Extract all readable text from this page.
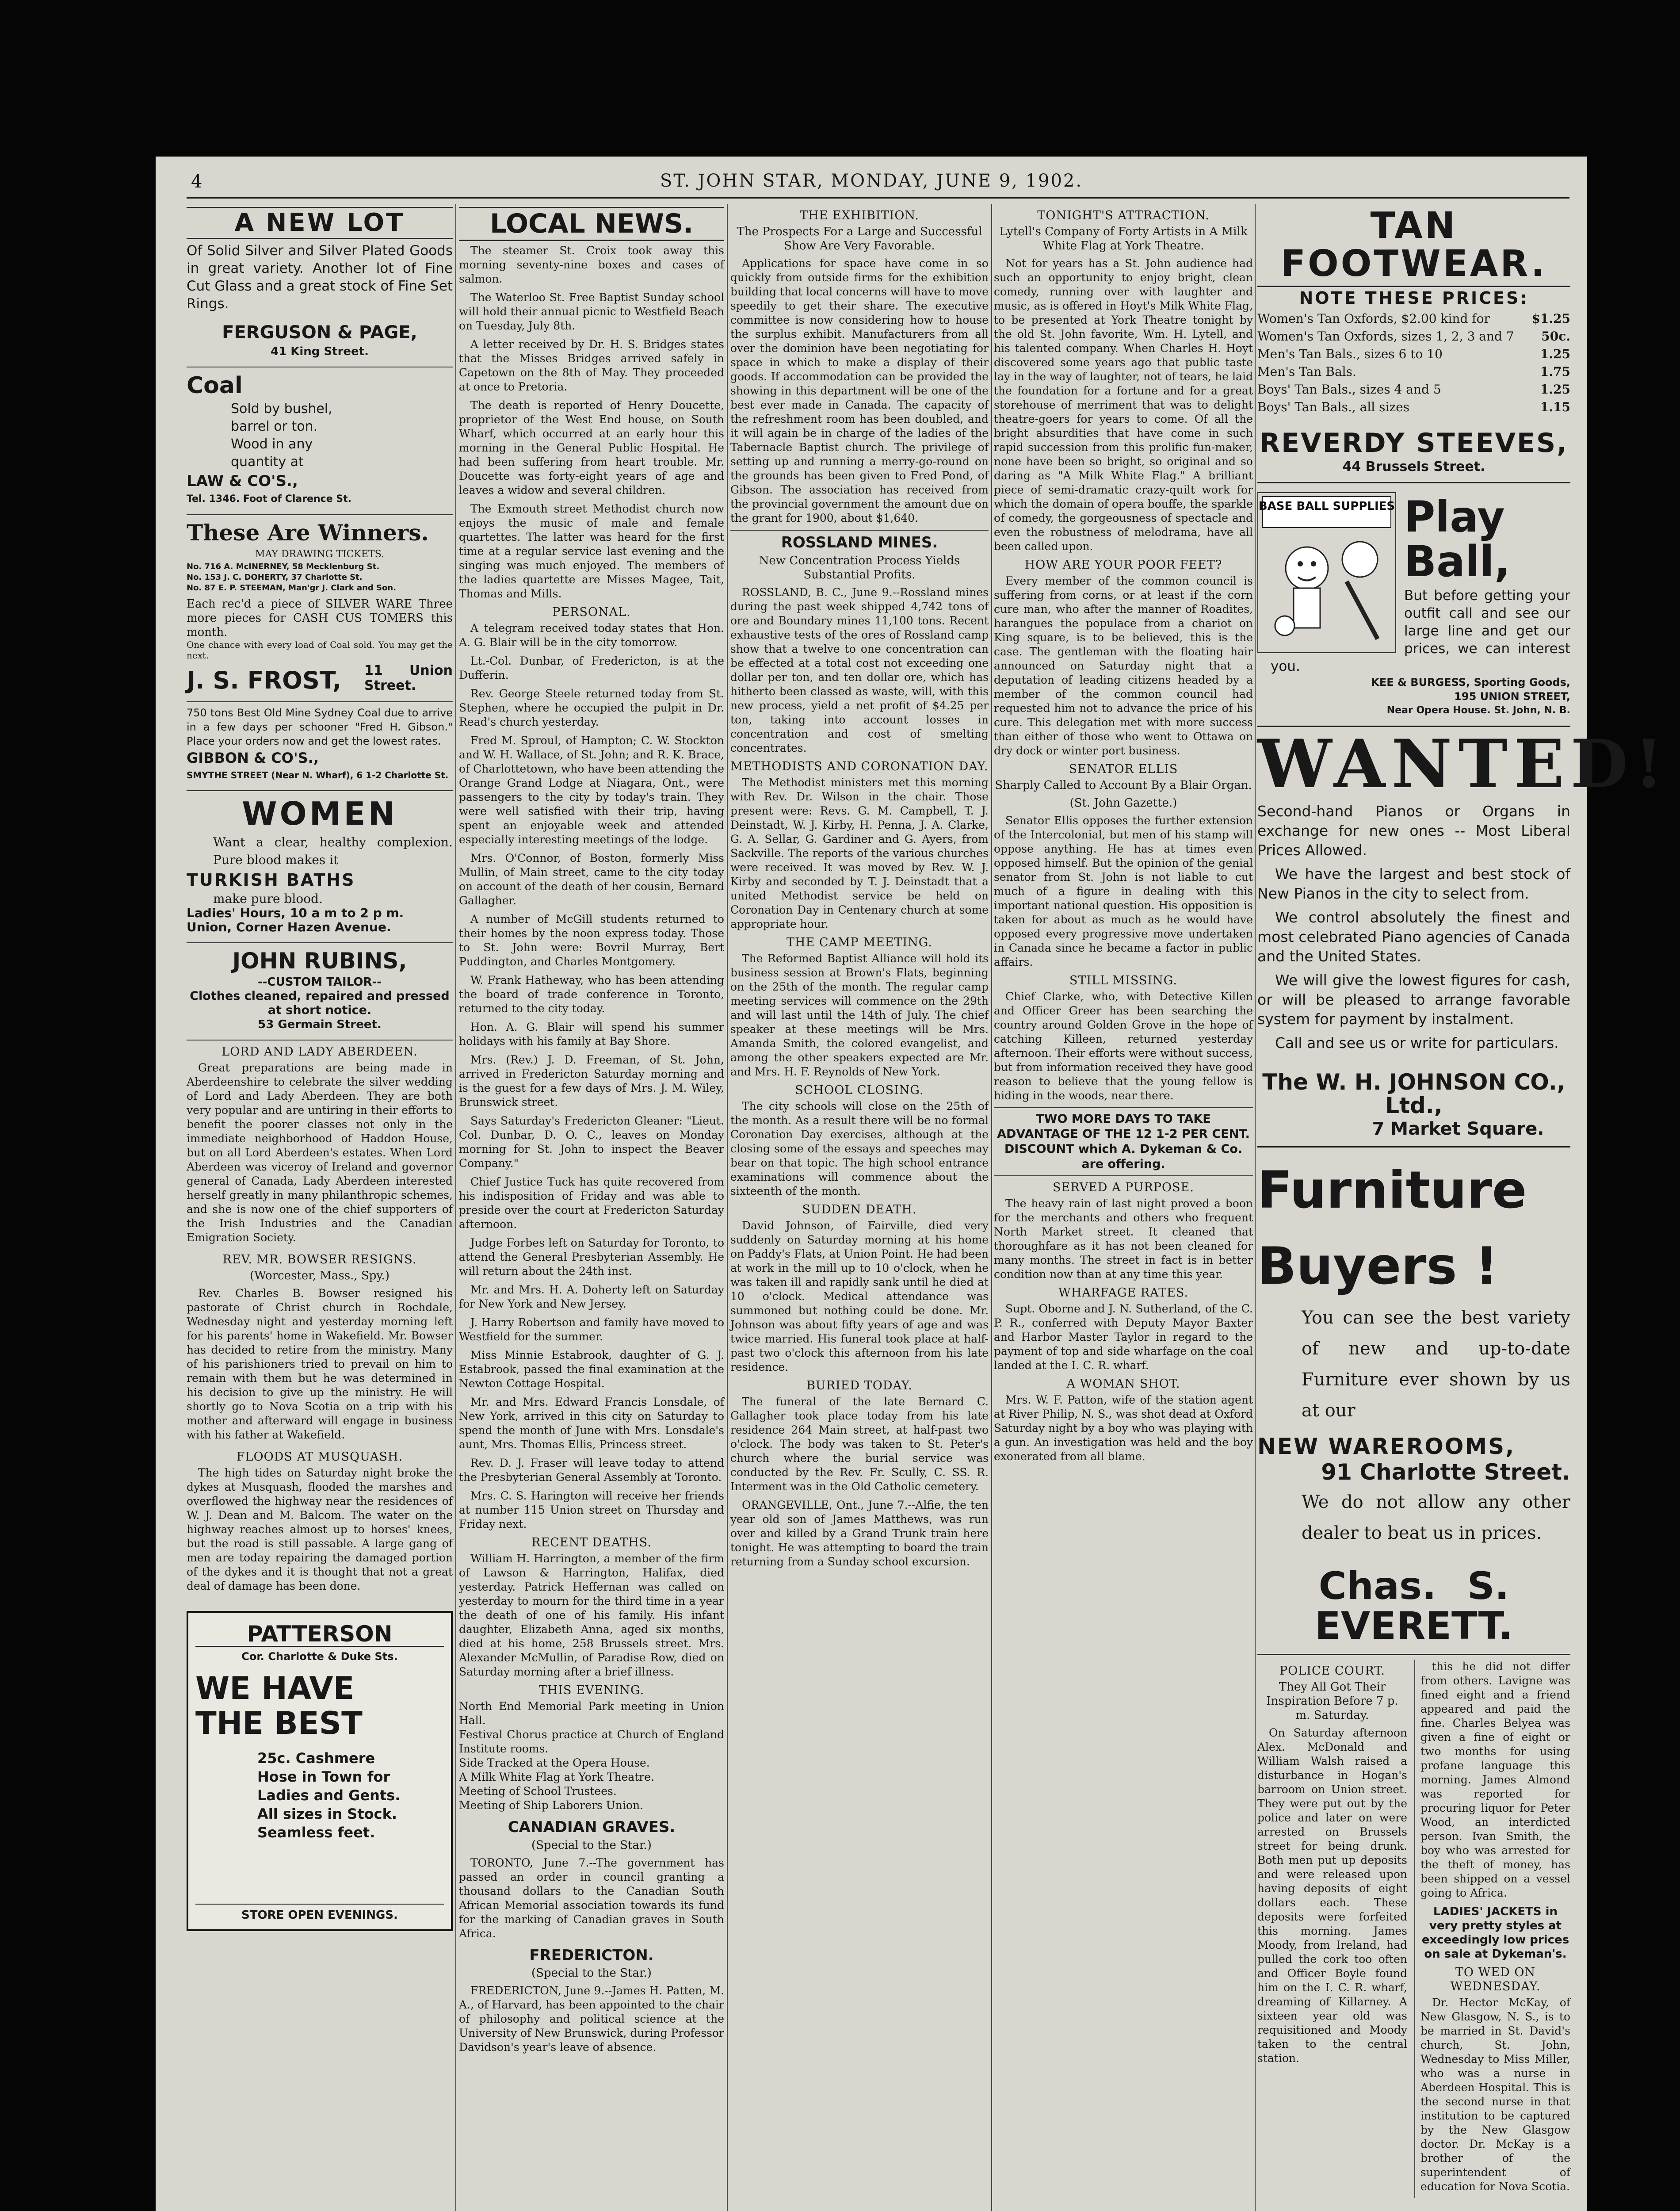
4	ST. JOHN STAR, MONDAY, JUNE 9, 1902.
A NEW LOT
Of Solid Silver and Silver Plated Goods in great variety. Another lot of Fine Cut Glass and a great stock of Fine Set Rings.
FERGUSON & PAGE,
41 King Street.
Coal
Sold by bushel,
barrel or ton.
Wood in any
quantity at
LAW & CO'S.,
Tel. 1346. Foot of Clarence St.
These Are Winners.
MAY DRAWING TICKETS.
No. 716 A. McINERNEY, 58 Mecklenburg St.
No. 153 J. C. DOHERTY, 37 Charlotte St.
No. 87 E. P. STEEMAN, Man'gr J. Clark and Son.
Each rec'd a piece of SILVER WARE Three more pieces for CASH CUS TOMERS this month.
One chance with every load of Coal sold. You may get the next.
J. S. FROST, 11 Union Street.
750 tons Best Old Mine Sydney Coal due to arrive in a few days per schooner "Fred H. Gibson." Place your orders now and get the lowest rates.
GIBBON & CO'S.,
SMYTHE STREET (Near N. Wharf), 6 1-2 Charlotte St.
WOMEN
Want a clear, healthy complexion. Pure blood makes it
TURKISH BATHS
make pure blood.
Ladies' Hours, 10 a m to 2 p m.
Union, Corner Hazen Avenue.
JOHN RUBINS,
--CUSTOM TAILOR--
Clothes cleaned, repaired and pressed at short notice.
53 Germain Street.
LORD AND LADY ABERDEEN.
Great preparations are being made in Aberdeenshire to celebrate the silver wedding of Lord and Lady Aberdeen. They are both very popular and are untiring in their efforts to benefit the poorer classes not only in the immediate neighborhood of Haddon House, but on all Lord Aberdeen's estates. When Lord Aberdeen was viceroy of Ireland and governor general of Canada, Lady Aberdeen interested herself greatly in many philanthropic schemes, and she is now one of the chief supporters of the Irish Industries and the Canadian Emigration Society.
REV. MR. BOWSER RESIGNS.
(Worcester, Mass., Spy.)
Rev. Charles B. Bowser resigned his pastorate of Christ church in Rochdale, Wednesday night and yesterday morning left for his parents' home in Wakefield. Mr. Bowser has decided to retire from the ministry. Many of his parishioners tried to prevail on him to remain with them but he was determined in his decision to give up the ministry. He will shortly go to Nova Scotia on a trip with his mother and afterward will engage in business with his father at Wakefield.
FLOODS AT MUSQUASH.
The high tides on Saturday night broke the dykes at Musquash, flooded the marshes and overflowed the highway near the residences of W. J. Dean and M. Balcom. The water on the highway reaches almost up to horses' knees, but the road is still passable. A large gang of men are today repairing the damaged portion of the dykes and it is thought that not a great deal of damage has been done.
PATTERSON
Cor. Charlotte & Duke Sts.
WE HAVE
THE BEST
25c. Cashmere
Hose in Town for
Ladies and Gents.
All sizes in Stock.
Seamless feet.
STORE OPEN EVENINGS.
LOCAL NEWS.
The steamer St. Croix took away this morning seventy-nine boxes and cases of salmon.
The Waterloo St. Free Baptist Sunday school will hold their annual picnic to Westfield Beach on Tuesday, July 8th.
A letter received by Dr. H. S. Bridges states that the Misses Bridges arrived safely in Capetown on the 8th of May. They proceeded at once to Pretoria.
The death is reported of Henry Doucette, proprietor of the West End house, on South Wharf, which occurred at an early hour this morning in the General Public Hospital. He had been suffering from heart trouble. Mr. Doucette was forty-eight years of age and leaves a widow and several children.
The Exmouth street Methodist church now enjoys the music of male and female quartettes. The latter was heard for the first time at a regular service last evening and the singing was much enjoyed. The members of the ladies quartette are Misses Magee, Tait, Thomas and Mills.
PERSONAL.
A telegram received today states that Hon. A. G. Blair will be in the city tomorrow.
Lt.-Col. Dunbar, of Fredericton, is at the Dufferin.
Rev. George Steele returned today from St. Stephen, where he occupied the pulpit in Dr. Read's church yesterday.
Fred M. Sproul, of Hampton; C. W. Stockton and W. H. Wallace, of St. John; and R. K. Brace, of Charlottetown, who have been attending the Orange Grand Lodge at Niagara, Ont., were passengers to the city by today's train. They were well satisfied with their trip, having spent an enjoyable week and attended especially interesting meetings of the lodge.
Mrs. O'Connor, of Boston, formerly Miss Mullin, of Main street, came to the city today on account of the death of her cousin, Bernard Gallagher.
A number of McGill students returned to their homes by the noon express today. Those to St. John were: Bovril Murray, Bert Puddington, and Charles Montgomery.
W. Frank Hatheway, who has been attending the board of trade conference in Toronto, returned to the city today.
Hon. A. G. Blair will spend his summer holidays with his family at Bay Shore.
Mrs. (Rev.) J. D. Freeman, of St. John, arrived in Fredericton Saturday morning and is the guest for a few days of Mrs. J. M. Wiley, Brunswick street.
Says Saturday's Fredericton Gleaner: "Lieut. Col. Dunbar, D. O. C., leaves on Monday morning for St. John to inspect the Beaver Company."
Chief Justice Tuck has quite recovered from his indisposition of Friday and was able to preside over the court at Fredericton Saturday afternoon.
Judge Forbes left on Saturday for Toronto, to attend the General Presbyterian Assembly. He will return about the 24th inst.
Mr. and Mrs. H. A. Doherty left on Saturday for New York and New Jersey.
J. Harry Robertson and family have moved to Westfield for the summer.
Miss Minnie Estabrook, daughter of G. J. Estabrook, passed the final examination at the Newton Cottage Hospital.
Mr. and Mrs. Edward Francis Lonsdale, of New York, arrived in this city on Saturday to spend the month of June with Mrs. Lonsdale's aunt, Mrs. Thomas Ellis, Princess street.
Rev. D. J. Fraser will leave today to attend the Presbyterian General Assembly at Toronto.
Mrs. C. S. Harington will receive her friends at number 115 Union street on Thursday and Friday next.
RECENT DEATHS.
William H. Harrington, a member of the firm of Lawson & Harrington, Halifax, died yesterday. Patrick Heffernan was called on yesterday to mourn for the third time in a year the death of one of his family. His infant daughter, Elizabeth Anna, aged six months, died at his home, 258 Brussels street. Mrs. Alexander McMullin, of Paradise Row, died on Saturday morning after a brief illness.
THIS EVENING.
North End Memorial Park meeting in Union Hall.
Festival Chorus practice at Church of England Institute rooms.
Side Tracked at the Opera House.
A Milk White Flag at York Theatre.
Meeting of School Trustees.
Meeting of Ship Laborers Union.
CANADIAN GRAVES.
(Special to the Star.)
TORONTO, June 7.--The government has passed an order in council granting a thousand dollars to the Canadian South African Memorial association towards its fund for the marking of Canadian graves in South Africa.
FREDERICTON.
(Special to the Star.)
FREDERICTON, June 9.--James H. Patten, M. A., of Harvard, has been appointed to the chair of philosophy and political science at the University of New Brunswick, during Professor Davidson's year's leave of absence.
THE EXHIBITION.
The Prospects For a Large and Successful Show Are Very Favorable.
Applications for space have come in so quickly from outside firms for the exhibition building that local concerns will have to move speedily to get their share. The executive committee is now considering how to house the surplus exhibit. Manufacturers from all over the dominion have been negotiating for space in which to make a display of their goods. If accommodation can be provided the showing in this department will be one of the best ever made in Canada. The capacity of the refreshment room has been doubled, and it will again be in charge of the ladies of the Tabernacle Baptist church. The privilege of setting up and running a merry-go-round on the grounds has been given to Fred Pond, of Gibson. The association has received from the provincial government the amount due on the grant for 1900, about $1,640.
ROSSLAND MINES.
New Concentration Process Yields Substantial Profits.
ROSSLAND, B. C., June 9.--Rossland mines during the past week shipped 4,742 tons of ore and Boundary mines 11,100 tons. Recent exhaustive tests of the ores of Rossland camp show that a twelve to one concentration can be effected at a total cost not exceeding one dollar per ton, and ten dollar ore, which has hitherto been classed as waste, will, with this new process, yield a net profit of $4.25 per ton, taking into account losses in concentration and cost of smelting concentrates.
METHODISTS AND CORONATION DAY.
The Methodist ministers met this morning with Rev. Dr. Wilson in the chair. Those present were: Revs. G. M. Campbell, T. J. Deinstadt, W. J. Kirby, H. Penna, J. A. Clarke, G. A. Sellar, G. Gardiner and G. Ayers, from Sackville. The reports of the various churches were received. It was moved by Rev. W. J. Kirby and seconded by T. J. Deinstadt that a united Methodist service be held on Coronation Day in Centenary church at some appropriate hour.
THE CAMP MEETING.
The Reformed Baptist Alliance will hold its business session at Brown's Flats, beginning on the 25th of the month. The regular camp meeting services will commence on the 29th and will last until the 14th of July. The chief speaker at these meetings will be Mrs. Amanda Smith, the colored evangelist, and among the other speakers expected are Mr. and Mrs. H. F. Reynolds of New York.
SCHOOL CLOSING.
The city schools will close on the 25th of the month. As a result there will be no formal Coronation Day exercises, although at the closing some of the essays and speeches may bear on that topic. The high school entrance examinations will commence about the sixteenth of the month.
SUDDEN DEATH.
David Johnson, of Fairville, died very suddenly on Saturday morning at his home on Paddy's Flats, at Union Point. He had been at work in the mill up to 10 o'clock, when he was taken ill and rapidly sank until he died at 10 o'clock. Medical attendance was summoned but nothing could be done. Mr. Johnson was about fifty years of age and was twice married. His funeral took place at half-past two o'clock this afternoon from his late residence.
BURIED TODAY.
The funeral of the late Bernard C. Gallagher took place today from his late residence 264 Main street, at half-past two o'clock. The body was taken to St. Peter's church where the burial service was conducted by the Rev. Fr. Scully, C. SS. R. Interment was in the Old Catholic cemetery.
ORANGEVILLE, Ont., June 7.--Alfie, the ten year old son of James Matthews, was run over and killed by a Grand Trunk train here tonight. He was attempting to board the train returning from a Sunday school excursion.
TONIGHT'S ATTRACTION.
Lytell's Company of Forty Artists in A Milk White Flag at York Theatre.
Not for years has a St. John audience had such an opportunity to enjoy bright, clean comedy, running over with laughter and music, as is offered in Hoyt's Milk White Flag, to be presented at York Theatre tonight by the old St. John favorite, Wm. H. Lytell, and his talented company. When Charles H. Hoyt discovered some years ago that public taste lay in the way of laughter, not of tears, he laid the foundation for a fortune and for a great storehouse of merriment that was to delight theatre-goers for years to come. Of all the bright absurdities that have come in such rapid succession from this prolific fun-maker, none have been so bright, so original and so daring as "A Milk White Flag." A brilliant piece of semi-dramatic crazy-quilt work for which the domain of opera bouffe, the sparkle of comedy, the gorgeousness of spectacle and even the robustness of melodrama, have all been called upon.
HOW ARE YOUR POOR FEET?
Every member of the common council is suffering from corns, or at least if the corn cure man, who after the manner of Roadites, harangues the populace from a chariot on King square, is to be believed, this is the case. The gentleman with the floating hair announced on Saturday night that a deputation of leading citizens headed by a member of the common council had requested him not to advance the price of his cure. This delegation met with more success than either of those who went to Ottawa on dry dock or winter port business.
SENATOR ELLIS
Sharply Called to Account By a Blair Organ.
(St. John Gazette.)
Senator Ellis opposes the further extension of the Intercolonial, but men of his stamp will oppose anything. He has at times even opposed himself. But the opinion of the genial senator from St. John is not liable to cut much of a figure in dealing with this important national question. His opposition is taken for about as much as he would have opposed every progressive move undertaken in Canada since he became a factor in public affairs.
STILL MISSING.
Chief Clarke, who, with Detective Killen and Officer Greer has been searching the country around Golden Grove in the hope of catching Killeen, returned yesterday afternoon. Their efforts were without success, but from information received they have good reason to believe that the young fellow is hiding in the woods, near there.
TWO MORE DAYS TO TAKE ADVANTAGE OF THE 12 1-2 PER CENT. DISCOUNT which A. Dykeman & Co. are offering.
SERVED A PURPOSE.
The heavy rain of last night proved a boon for the merchants and others who frequent North Market street. It cleaned that thoroughfare as it has not been cleaned for many months. The street in fact is in better condition now than at any time this year.
WHARFAGE RATES.
Supt. Oborne and J. N. Sutherland, of the C. P. R., conferred with Deputy Mayor Baxter and Harbor Master Taylor in regard to the payment of top and side wharfage on the coal landed at the I. C. R. wharf.
A WOMAN SHOT.
Mrs. W. F. Patton, wife of the station agent at River Philip, N. S., was shot dead at Oxford Saturday night by a boy who was playing with a gun. An investigation was held and the boy exonerated from all blame.
TAN FOOTWEAR.
NOTE THESE PRICES:
Women's Tan Oxfords, $2.00 kind for	$1.25
Women's Tan Oxfords, sizes 1, 2, 3 and 7 50c.
Men's Tan Bals., sizes 6 to 10	1.25
Men's Tan Bals.	1.75
Boys' Tan Bals., sizes 4 and 5	1.25
Boys' Tan Bals., all sizes	1.15
REVERDY STEEVES,
44 Brussels Street.
BASE BALL SUPPLIES Play Ball,
But before getting your outfit call and see our large line and get our prices, we can interest you.
KEE & BURGESS, Sporting Goods,
195 UNION STREET,
Near Opera House. St. John, N. B.
WANTED!
Second-hand Pianos or Organs in exchange for new ones -- Most Liberal Prices Allowed.
We have the largest and best stock of New Pianos in the city to select from.
We control absolutely the finest and most celebrated Piano agencies of Canada and the United States.
We will give the lowest figures for cash, or will be pleased to arrange favorable system for payment by instalment.
Call and see us or write for particulars.
The W. H. JOHNSON CO., Ltd.,
7 Market Square.
Furniture
Buyers !
You can see the best variety of new and up-to-date Furniture ever shown by us at our
NEW WAREROOMS,
91 Charlotte Street.
We do not allow any other dealer to beat us in prices.
Chas. S. EVERETT.
POLICE COURT.
They All Got Their Inspiration Before 7 p. m. Saturday.
On Saturday afternoon Alex. McDonald and William Walsh raised a disturbance in Hogan's barroom on Union street. They were put out by the police and later on were arrested on Brussels street for being drunk. Both men put up deposits and were released upon having deposits of eight dollars each. These deposits were forfeited this morning. James Moody, from Ireland, had pulled the cork too often and Officer Boyle found him on the I. C. R. wharf, dreaming of Killarney. A sixteen year old was requisitioned and Moody taken to the central station.
this he did not differ from others. Lavigne was fined eight and a friend appeared and paid the fine. Charles Belyea was given a fine of eight or two months for using profane language this morning. James Almond was reported for procuring liquor for Peter Wood, an interdicted person. Ivan Smith, the boy who was arrested for the theft of money, has been shipped on a vessel going to Africa.
LADIES' JACKETS in very pretty styles at exceedingly low prices on sale at Dykeman's.
TO WED ON WEDNESDAY.
Dr. Hector McKay, of New Glasgow, N. S., is to be married in St. David's church, St. John, Wednesday to Miss Miller, who was a nurse in Aberdeen Hospital. This is the second nurse in that institution to be captured by the New Glasgow doctor. Dr. McKay is a brother of the superintendent of education for Nova Scotia.
